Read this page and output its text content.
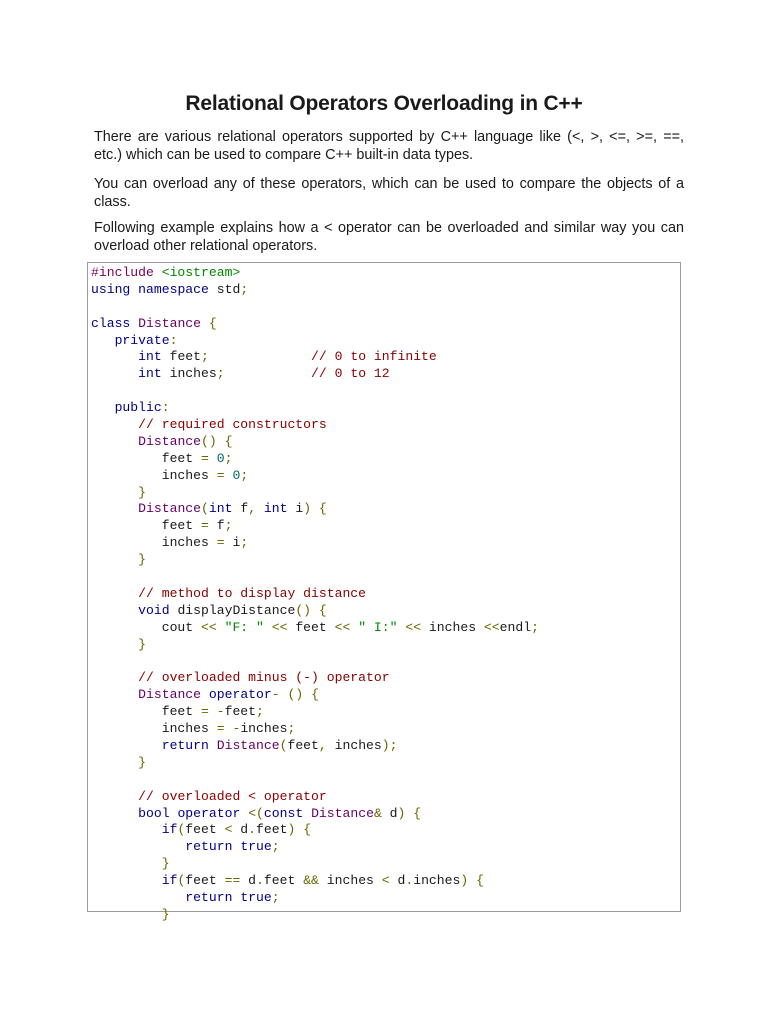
Relational Operators Overloading in C++

There are various relational operators supported by C++ language like (<, >, <=, >=, ==, etc.) which can be used to compare C++ built-in data types.

You can overload any of these operators, which can be used to compare the objects of a class.

Following example explains how a < operator can be overloaded and similar way you can overload other relational operators.

#include <iostream>
using namespace std;

class Distance {
private:
int feet;	// 0 to infinite
int inches;	// 0 to 12

public:
// required constructors
Distance() {
feet = 0;
inches = 0;
}
Distance(int f, int i) {
feet = f;
inches = i;
}

// method to display distance
void displayDistance() {
cout << "F: " << feet << " I:" << inches <<endl;
}

// overloaded minus (-) operator
Distance operator- () {
feet = -feet;
inches = -inches;
return Distance(feet, inches);
}

// overloaded < operator
bool operator <(const Distance& d) {
if(feet < d.feet) {
return true;
}
if(feet == d.feet && inches < d.inches) {
return true;
}
